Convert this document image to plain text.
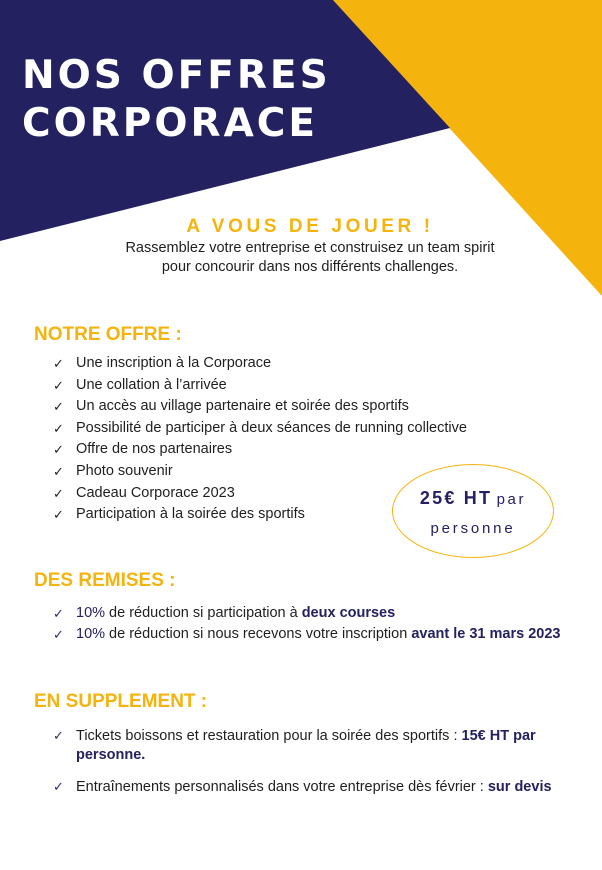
NOS OFFRES
CORPORACE
A VOUS DE JOUER !
Rassemblez votre entreprise et construisez un team spirit
pour concourir dans nos différents challenges.
NOTRE OFFRE :
✓ Une inscription à la Corporace
✓ Une collation à l’arrivée
✓ Un accès au village partenaire et soirée des sportifs
✓ Possibilité de participer à deux séances de running collective
✓ Offre de nos partenaires
✓ Photo souvenir
✓ Cadeau Corporace 2023
✓ Participation à la soirée des sportifs
25€ HT par
personne
DES REMISES :
✓ 10% de réduction si participation à deux courses
✓ 10% de réduction si nous recevons votre inscription avant le 31 mars 2023
EN SUPPLEMENT :
✓ Tickets boissons et restauration pour la soirée des sportifs : 15€ HT par personne.
✓ Entraînements personnalisés dans votre entreprise dès février : sur devis
